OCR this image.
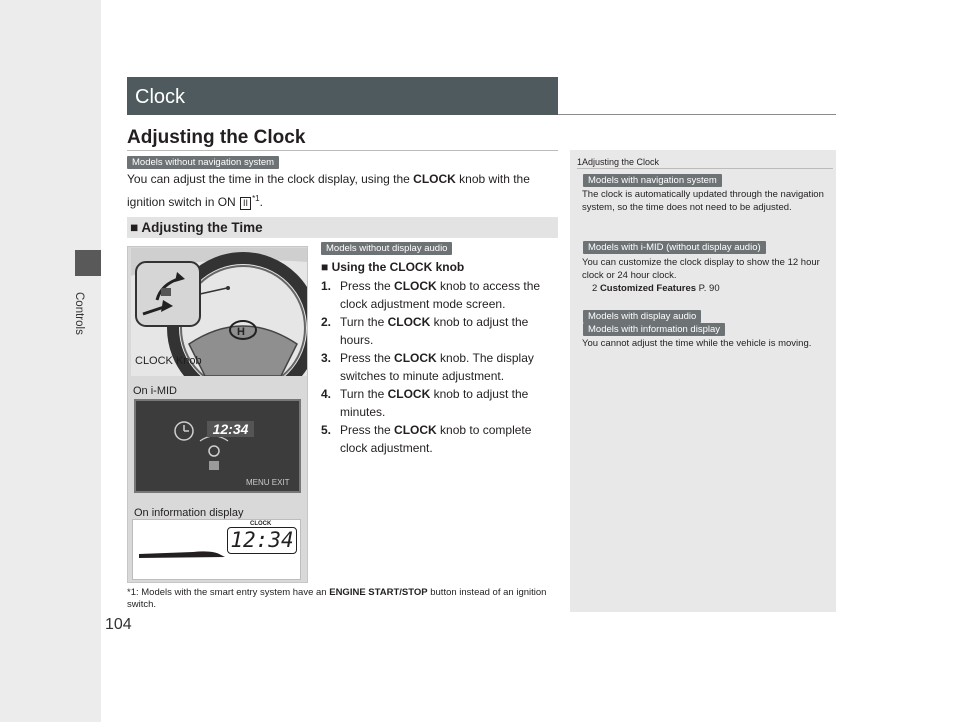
Controls
104
Clock
Adjusting the Clock
Models without navigation system
You can adjust the time in the clock display, using the CLOCK knob with the ignition switch in ON II $^{*1}$.
■ Adjusting the Time
H
CLOCK Knob
On i-MID
12:34
MENU EXIT
On information display
CLOCK
12:34
Models without display audio
■ Using the CLOCK knob
1. Press the CLOCK knob to access the clock adjustment mode screen.
2. Turn the CLOCK knob to adjust the hours.
3. Press the CLOCK knob. The display switches to minute adjustment.
4. Turn the CLOCK knob to adjust the minutes.
5. Press the CLOCK knob to complete clock adjustment.
*1: Models with the smart entry system have an ENGINE START/STOP button instead of an ignition switch.
1Adjusting the Clock
Models with navigation system
The clock is automatically updated through the navigation system, so the time does not need to be adjusted.
Models with i-MID (without display audio)
You can customize the clock display to show the 12 hour clock or 24 hour clock.
2 Customized Features P. 90
Models with display audio
Models with information display
You cannot adjust the time while the vehicle is moving.
